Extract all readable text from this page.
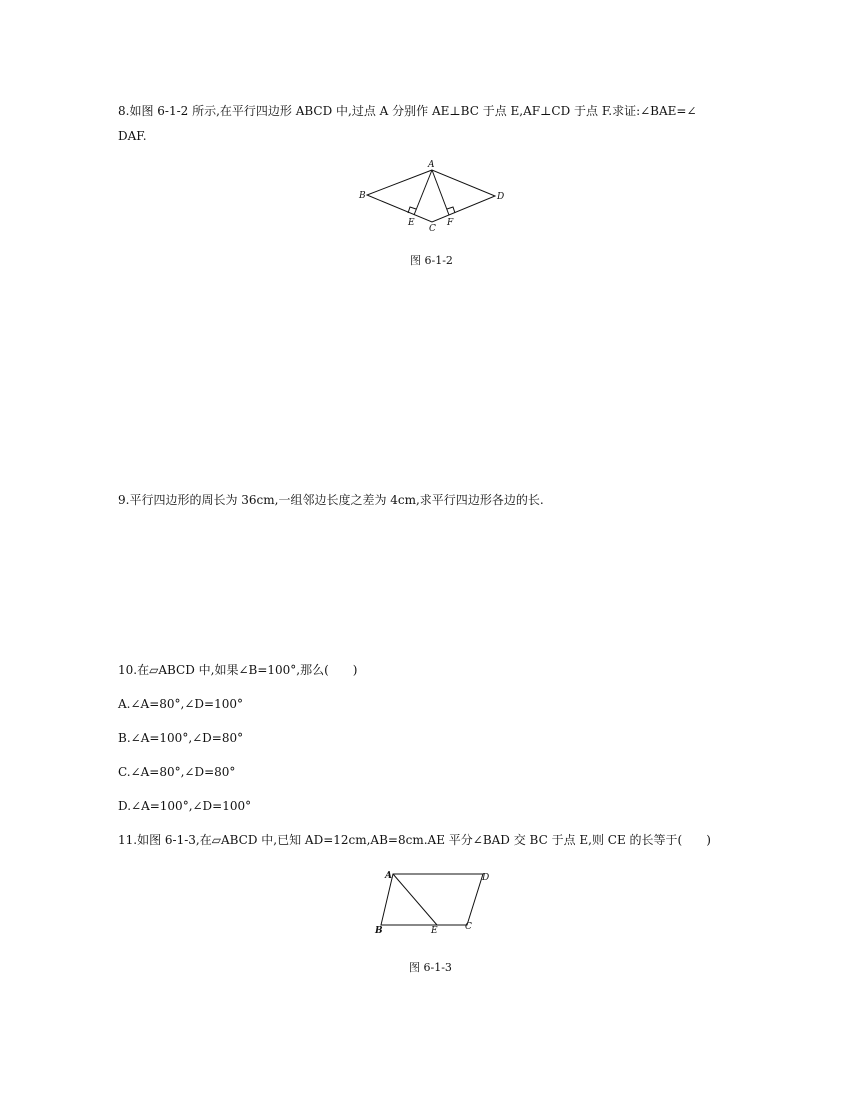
8.如图 6-1-2 所示,在平行四边形 ABCD 中,过点 A 分别作 AE⊥BC 于点 E,AF⊥CD 于点 F.求证:∠BAE=∠
DAF.
A
B
C
D
E	F
图 6-1-2
9.平行四边形的周长为 36cm,一组邻边长度之差为 4cm,求平行四边形各边的长.
10.在▱ABCD 中,如果∠B=100°,那么(　　)
A.∠A=80°,∠D=100°
B.∠A=100°,∠D=80°
C.∠A=80°,∠D=80°
D.∠A=100°,∠D=100°
11.如图 6-1-3,在▱ABCD 中,已知 AD=12cm,AB=8cm.AE 平分∠BAD 交 BC 于点 E,则 CE 的长等于(　　)
A	D
B	C
E
图 6-1-3
